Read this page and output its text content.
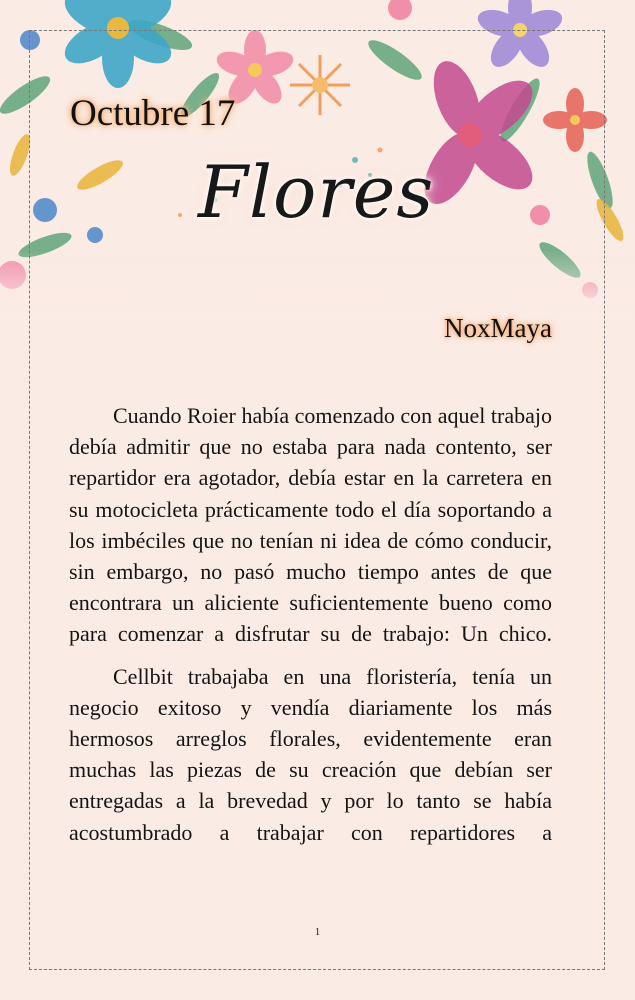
Octubre 17
Flores
NoxMaya

Cuando Roier había comenzado con aquel trabajo debía admitir que no estaba para nada contento, ser repartidor era agotador, debía estar en la carretera en su motocicleta prácticamente todo el día soportando a los imbéciles que no tenían ni idea de cómo conducir, sin embargo, no pasó mucho tiempo antes de que encontrara un aliciente suficientemente bueno como para comenzar a disfrutar su de trabajo: Un chico.

Cellbit trabajaba en una floristería, tenía un negocio exitoso y vendía diariamente los más hermosos arreglos florales, evidentemente eran muchas las piezas de su creación que debían ser entregadas a la brevedad y por lo tanto se había acostumbrado a trabajar con repartidores a

1
